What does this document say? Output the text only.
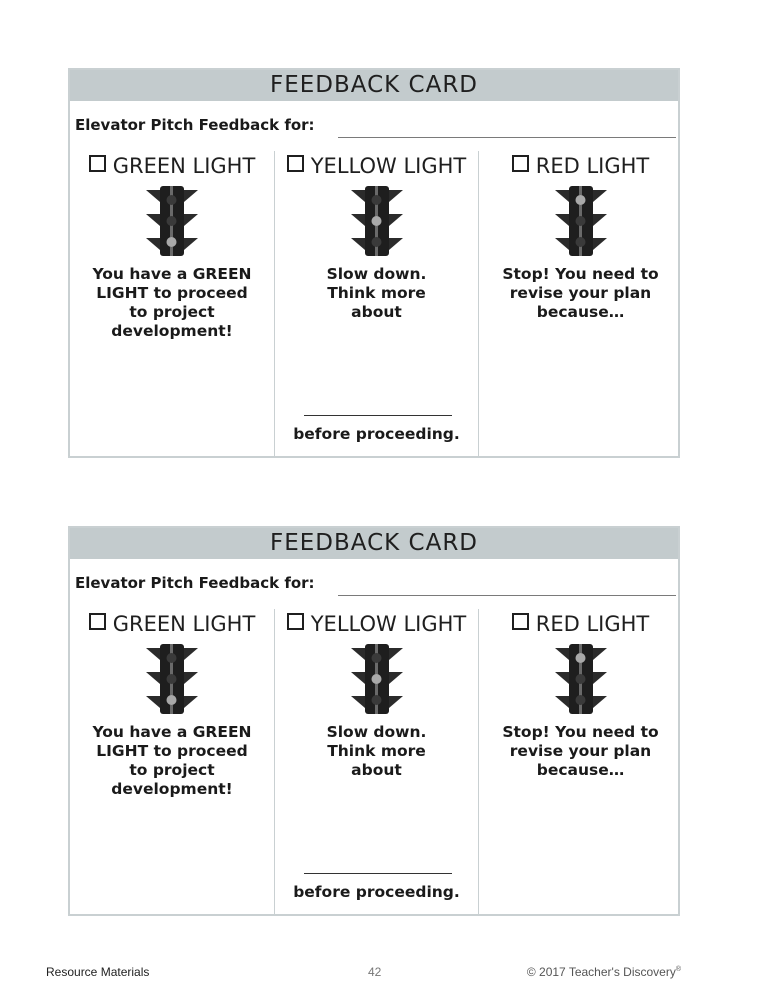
FEEDBACK CARD
Elevator Pitch Feedback for:
GREEN LIGHT
You have a GREEN LIGHT to proceed to project development!
YELLOW LIGHT
Slow down. Think more about
before proceeding.
RED LIGHT
Stop! You need to revise your plan because…
FEEDBACK CARD
Elevator Pitch Feedback for:
GREEN LIGHT
You have a GREEN LIGHT to proceed to project development!
YELLOW LIGHT
Slow down. Think more about
before proceeding.
RED LIGHT
Stop! You need to revise your plan because…
Resource Materials	42	© 2017 Teacher's Discovery®
